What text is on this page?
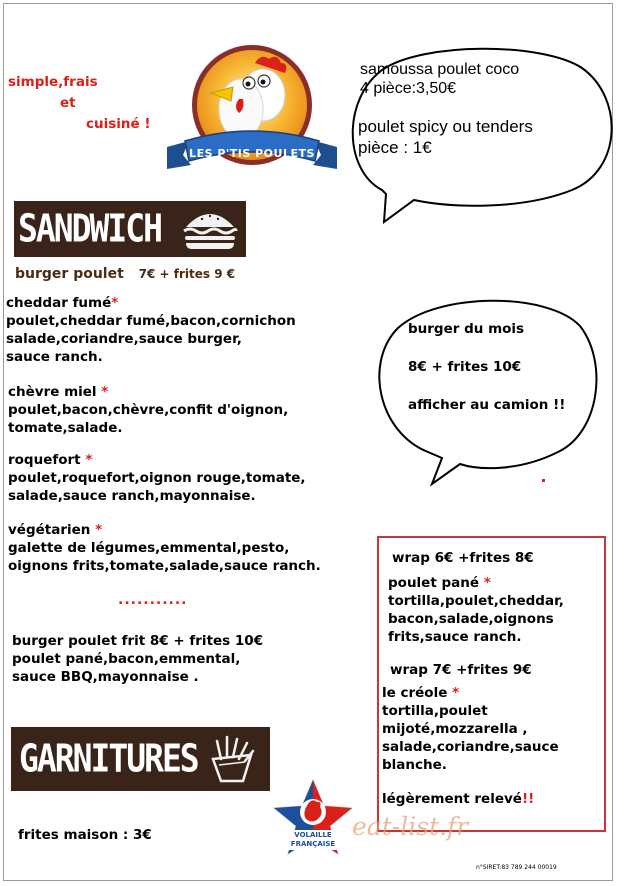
simple,frais
et
cuisiné !
LES P'TIS POULETS
samoussa poulet coco
4 pièce:3,50€
poulet spicy ou tenders
pièce : 1€
SANDWICH
burger poulet 7€ + frites 9 €
cheddar fumé*
poulet,cheddar fumé,bacon,cornichon
salade,coriandre,sauce burger,
sauce ranch.
chèvre miel *
poulet,bacon,chèvre,confit d'oignon,
tomate,salade.
roquefort *
poulet,roquefort,oignon rouge,tomate,
salade,sauce ranch,mayonnaise.
végétarien *
galette de légumes,emmental,pesto,
oignons frits,tomate,salade,sauce ranch.
burger du mois
8€ + frites 10€
afficher au camion !!
...........
burger poulet frit 8€ + frites 10€
poulet pané,bacon,emmental,
sauce BBQ,mayonnaise .
wrap 6€ +frites 8€
poulet pané *
tortilla,poulet,cheddar,
bacon,salade,oignons
frits,sauce ranch.
wrap 7€ +frites 9€
le créole *
tortilla,poulet
mijoté,mozzarella ,
salade,coriandre,sauce
blanche.
légèrement relevé!!
GARNITURES
frites maison : 3€	VOLAILLE
FRANÇAISE
eat-list.fr
n°SIRET:83 789 244 00019
